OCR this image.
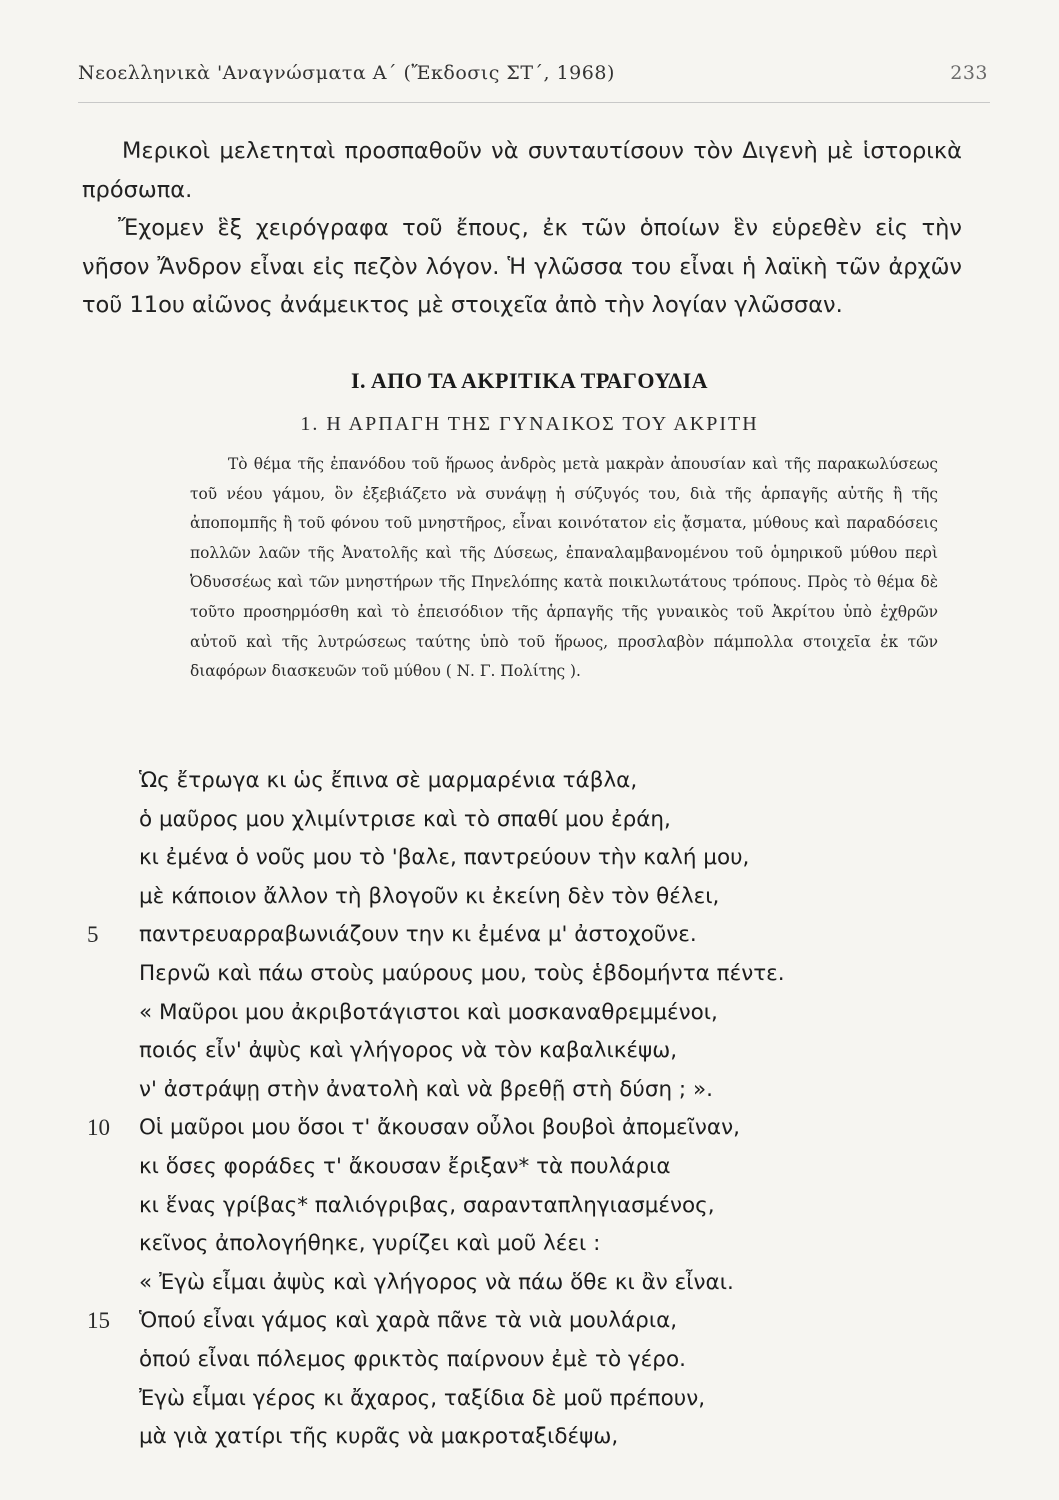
Νεοελληνικὰ 'Αναγνώσματα Α΄ (Ἔκδοσις ΣΤ΄, 1968)	233

Μερικοὶ μελετηταὶ προσπαθοῦν νὰ συνταυτίσουν τὸν Διγενὴ μὲ ἱστορικὰ πρόσωπα.

Ἔχομεν ἓξ χειρόγραφα τοῦ ἔπους, ἐκ τῶν ὁποίων ἓν εὑρεθὲν εἰς τὴν νῆσον Ἄνδρον εἶναι εἰς πεζὸν λόγον. Ἡ γλῶσσα του εἶναι ἡ λαϊκὴ τῶν ἀρχῶν τοῦ 11ου αἰῶνος ἀνάμεικτος μὲ στοιχεῖα ἀπὸ τὴν λογίαν γλῶσσαν.

Ι. ΑΠΟ ΤΑ ΑΚΡΙΤΙΚΑ ΤΡΑΓΟΥΔΙΑ
1. Η ΑΡΠΑΓΗ ΤΗΣ ΓΥΝΑΙΚΟΣ ΤΟΥ ΑΚΡΙΤΗ

Τὸ θέμα τῆς ἐπανόδου τοῦ ἥρωος ἀνδρὸς μετὰ μακρὰν ἀπουσίαν καὶ τῆς παρακωλύσεως τοῦ νέου γάμου, ὃν ἐξεβιάζετο νὰ συνάψῃ ἡ σύζυγός του, διὰ τῆς ἁρπαγῆς αὐτῆς ἢ τῆς ἀποπομπῆς ἢ τοῦ φόνου τοῦ μνηστῆρος, εἶναι κοινότατον εἰς ᾄσματα, μύθους καὶ παραδόσεις πολλῶν λαῶν τῆς Ἀνατολῆς καὶ τῆς Δύσεως, ἐπαναλαμβανομένου τοῦ ὁμηρικοῦ μύθου περὶ Ὀδυσσέως καὶ τῶν μνηστήρων τῆς Πηνελόπης κατὰ ποικιλωτάτους τρόπους. Πρὸς τὸ θέμα δὲ τοῦτο προσηρμόσθη καὶ τὸ ἐπεισόδιον τῆς ἁρπαγῆς τῆς γυναικὸς τοῦ Ἀκρίτου ὑπὸ ἐχθρῶν αὐτοῦ καὶ τῆς λυτρώσεως ταύτης ὑπὸ τοῦ ἥρωος, προσλαβὸν πάμπολλα στοιχεῖα ἐκ τῶν διαφόρων διασκευῶν τοῦ μύθου ( Ν. Γ. Πολίτης ).

Ὡς ἔτρωγα κι ὡς ἔπινα σὲ μαρμαρένια τάβλα,
ὁ μαῦρος μου χλιμίντρισε καὶ τὸ σπαθί μου ἐράη,
κι ἐμένα ὁ νοῦς μου τὸ 'βαλε, παντρεύουν τὴν καλή μου,
μὲ κάποιον ἄλλον τὴ βλογοῦν κι ἐκείνη δὲν τὸν θέλει,
5	παντρευαρραβωνιάζουν την κι ἐμένα μ' ἀστοχοῦνε.
Περνῶ καὶ πάω στοὺς μαύρους μου, τοὺς ἑβδομήντα πέντε.
« Μαῦροι μου ἀκριβοτάγιστοι καὶ μοσκαναθρεμμένοι,
ποιός εἶν' ἀψὺς καὶ γλήγορος νὰ τὸν καβαλικέψω,
ν' ἀστράψῃ στὴν ἀνατολὴ καὶ νὰ βρεθῇ στὴ δύση ; ».
10	Οἱ μαῦροι μου ὅσοι τ' ἄκουσαν οὖλοι βουβοὶ ἀπομεῖναν,
κι ὅσες φοράδες τ' ἄκουσαν ἔριξαν* τὰ πουλάρια
κι ἕνας γρίβας* παλιόγριβας, σαρανταπληγιασμένος,
κεῖνος ἀπολογήθηκε, γυρίζει καὶ μοῦ λέει :
« Ἐγὼ εἶμαι ἀψὺς καὶ γλήγορος νὰ πάω ὅθε κι ἂν εἶναι.
15	Ὁπού εἶναι γάμος καὶ χαρὰ πᾶνε τὰ νιὰ μουλάρια,
ὁπού εἶναι πόλεμος φρικτὸς παίρνουν ἐμὲ τὸ γέρο.
Ἐγὼ εἶμαι γέρος κι ἄχαρος, ταξίδια δὲ μοῦ πρέπουν,
μὰ γιὰ χατίρι τῆς κυρᾶς νὰ μακροταξιδέψω,
